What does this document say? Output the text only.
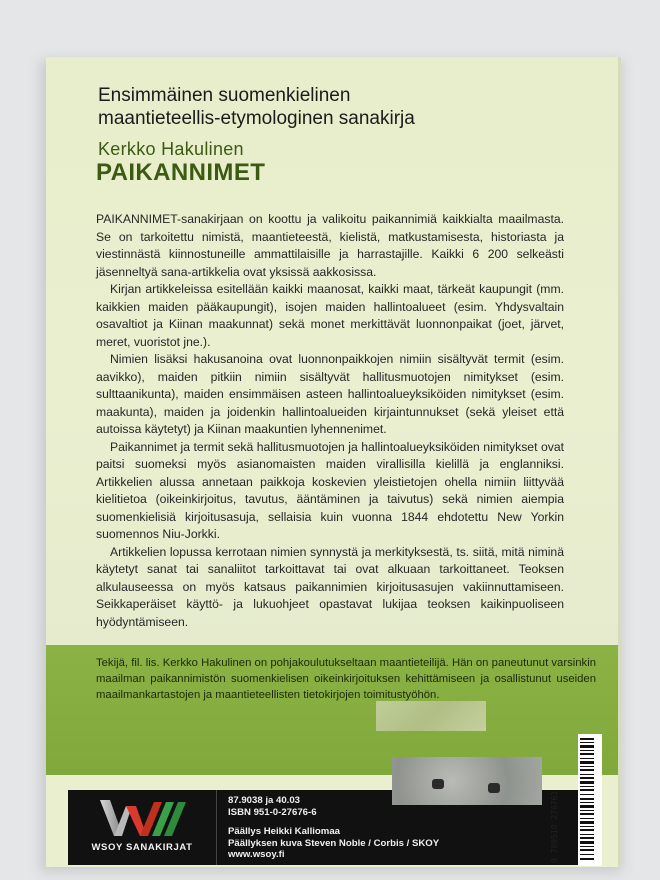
Ensimmäinen suomenkielinen
maantieteellis-etymologinen sanakirja
Kerkko Hakulinen
PAIKANNIMET

PAIKANNIMET-sanakirjaan on koottu ja valikoitu paikannimiä kaikkialta maailmasta. Se on tarkoitettu nimistä, maantieteestä, kielistä, matkustamisesta, historiasta ja viestinnästä kiinnostuneille ammattilaisille ja harrastajille. Kaikki 6 200 selkeästi jäsenneltyä sana-artikkelia ovat yksissä aakkosissa.

Kirjan artikkeleissa esitellään kaikki maanosat, kaikki maat, tärkeät kaupungit (mm. kaikkien maiden pääkaupungit), isojen maiden hallintoalueet (esim. Yhdysvaltain osavaltiot ja Kiinan maakunnat) sekä monet merkittävät luonnonpaikat (joet, järvet, meret, vuoristot jne.).

Nimien lisäksi hakusanoina ovat luonnonpaikkojen nimiin sisältyvät termit (esim. aavikko), maiden pitkiin nimiin sisältyvät hallitusmuotojen nimitykset (esim. sulttaanikunta), maiden ensimmäisen asteen hallintoalueyksiköiden nimitykset (esim. maakunta), maiden ja joidenkin hallintoalueiden kirjaintunnukset (sekä yleiset että autoissa käytetyt) ja Kiinan maakuntien lyhennenimet.

Paikannimet ja termit sekä hallitusmuotojen ja hallintoalueyksiköiden nimitykset ovat paitsi suomeksi myös asianomaisten maiden virallisilla kielillä ja englanniksi. Artikkelien alussa annetaan paikkoja koskevien yleistietojen ohella nimiin liittyvää kielitietoa (oikeinkirjoitus, tavutus, ääntäminen ja taivutus) sekä nimien aiempia suomenkielisiä kirjoitusasuja, sellaisia kuin vuonna 1844 ehdotettu New Yorkin suomennos Niu-Jorkki.

Artikkelien lopussa kerrotaan nimien synnystä ja merkityksestä, ts. siitä, mitä niminä käytetyt sanat tai sanaliitot tarkoittavat tai ovat alkuaan tarkoittaneet. Teoksen alkulauseessa on myös katsaus paikannimien kirjoitusasujen vakiinnuttamiseen. Seikkaperäiset käyttö- ja lukuohjeet opastavat lukijaa teoksen kaikinpuoliseen hyödyntämiseen.

Tekijä, fil. lis. Kerkko Hakulinen on pohjakoulutukseltaan maantieteilijä. Hän on paneutunut varsinkin maailman paikannimistön suomenkielisen oikeinkirjoituksen kehittämiseen ja osallistunut useiden maailmankartastojen ja maantieteellisten tietokirjojen toimitustyöhön.

WSOY SANAKIRJAT
87.9038 ja 40.03
ISBN 951-0-27676-6
Päällys Heikki Kalliomaa
Päällyksen kuva Steven Noble / Corbis / SKOY
www.wsoy.fi	9 789510 276761
